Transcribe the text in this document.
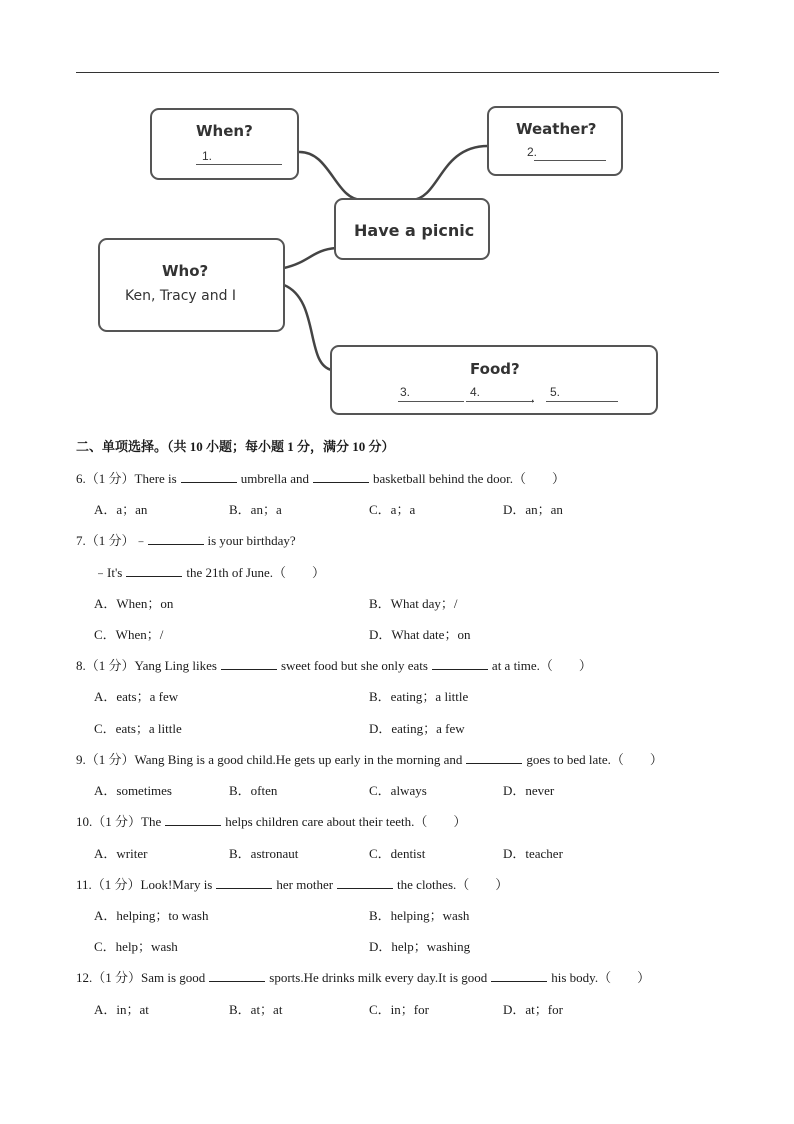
When?
1.
Weather?
2.
Have a picnic
Who?
Ken, Tracy and I
Food?
3.	4.	, 5.
二、单项选择。（共 10 小题；每小题 1 分，满分 10 分）
6.（1 分）There is	umbrella and	basketball behind the door.（　　）
A．a；an	B．an；a	C．a；a	D．an；an
7.（1 分）﹣	is your birthday?
﹣It's	the 21th of June.（　　）
A．When；on	B．What day；/
C．When；/	D．What date；on
8.（1 分）Yang Ling likes	sweet food but she only eats	at a time.（　　）
A．eats；a few	B．eating；a little
C．eats；a little	D．eating；a few
9.（1 分）Wang Bing is a good child.He gets up early in the morning and	goes to bed late.（　　）
A．sometimes	B．often	C．always	D．never
10.（1 分）The	helps children care about their teeth.（　　）
A．writer	B．astronaut	C．dentist	D．teacher
11.（1 分）Look!Mary is	her mother	the clothes.（　　）
A．helping；to wash	B．helping；wash
C．help；wash	D．help；washing
12.（1 分）Sam is good	sports.He drinks milk every day.It is good	his body.（　　）
A．in；at	B．at；at	C．in；for	D．at；for
